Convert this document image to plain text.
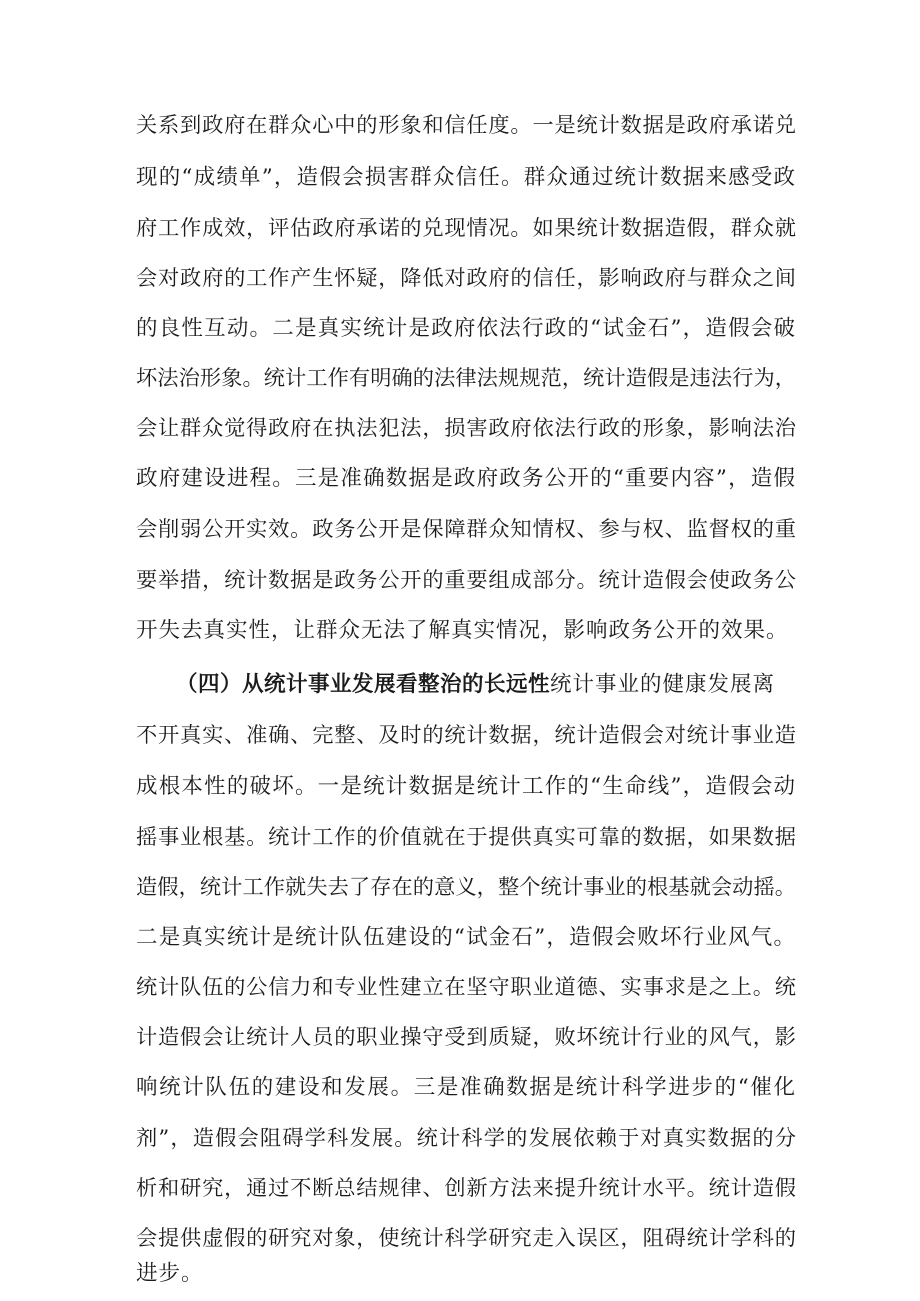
关系到政府在群众心中的形象和信任度。一是统计数据是政府承诺兑

现的“成绩单”，造假会损害群众信任。群众通过统计数据来感受政

府工作成效，评估政府承诺的兑现情况。如果统计数据造假，群众就

会对政府的工作产生怀疑，降低对政府的信任，影响政府与群众之间

的良性互动。二是真实统计是政府依法行政的“试金石”，造假会破

坏法治形象。统计工作有明确的法律法规规范，统计造假是违法行为，

会让群众觉得政府在执法犯法，损害政府依法行政的形象，影响法治

政府建设进程。三是准确数据是政府政务公开的“重要内容”，造假

会削弱公开实效。政务公开是保障群众知情权、参与权、监督权的重

要举措，统计数据是政务公开的重要组成部分。统计造假会使政务公

开失去真实性，让群众无法了解真实情况，影响政务公开的效果。

（四）从统计事业发展看整治的长远性统计事业的健康发展离

不开真实、准确、完整、及时的统计数据，统计造假会对统计事业造

成根本性的破坏。一是统计数据是统计工作的“生命线”，造假会动

摇事业根基。统计工作的价值就在于提供真实可靠的数据，如果数据

造假，统计工作就失去了存在的意义，整个统计事业的根基就会动摇。

二是真实统计是统计队伍建设的“试金石”，造假会败坏行业风气。

统计队伍的公信力和专业性建立在坚守职业道德、实事求是之上。统

计造假会让统计人员的职业操守受到质疑，败坏统计行业的风气，影

响统计队伍的建设和发展。三是准确数据是统计科学进步的“催化

剂”，造假会阻碍学科发展。统计科学的发展依赖于对真实数据的分

析和研究，通过不断总结规律、创新方法来提升统计水平。统计造假

会提供虚假的研究对象，使统计科学研究走入误区，阻碍统计学科的

进步。
